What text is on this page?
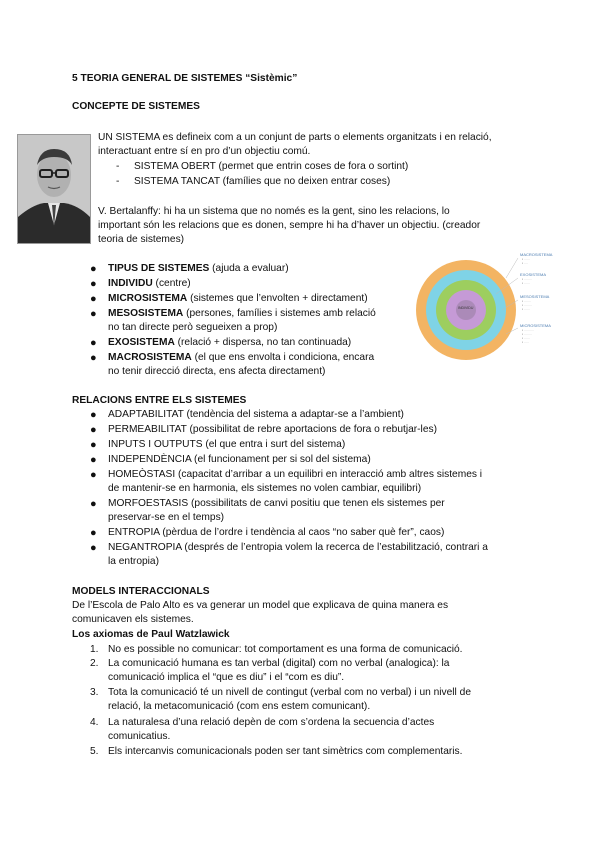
5 TEORIA GENERAL DE SISTEMES “Sistèmic”
CONCEPTE DE SISTEMES
UN SISTEMA es defineix com a un conjunt de parts o elements organitzats i en relació,
interactuant entre sí en pro d’un objectiu comú.
- SISTEMA OBERT (permet que entrin coses de fora o sortint)
- SISTEMA TANCAT (famílies que no deixen entrar coses)
V. Bertalanffy: hi ha un sistema que no només es la gent, sino les relacions, lo
important són les relacions que es donen, sempre hi ha d’haver un objectiu. (creador
teoria de sistemes)
● TIPUS DE SISTEMES (ajuda a evaluar)
● INDIVIDU (centre)
● MICROSISTEMA (sistemes que l’envolten + directament)
● MESOSISTEMA (persones, famílies i sistemes amb relació
no tan directe però segueixen a prop)
● EXOSISTEMA (relació + dispersa, no tan continuada)
● MACROSISTEMA (el que ens envolta i condiciona, encara
no tenir direcció directa, ens afecta directament)
INDIVIDU
MACROSISTEMA
▪ ······
▪ ····
EXOSISTEMA
▪ ········
▪ ······
MESOSISTEMA
▪ ·······
▪ ········
▪ ······
MICROSISTEMA
▪ ··········
▪ ········
▪ ······
▪ ·····
RELACIONS ENTRE ELS SISTEMES
● ADAPTABILITAT (tendència del sistema a adaptar-se a l’ambient)
● PERMEABILITAT (possibilitat de rebre aportacions de fora o rebutjar-les)
● INPUTS I OUTPUTS (el que entra i surt del sistema)
● INDEPENDÈNCIA (el funcionament per si sol del sistema)
● HOMEÒSTASI (capacitat d’arribar a un equilibri en interacció amb altres sistemes i
de mantenir-se en harmonia, els sistemes no volen cambiar, equilibri)
● MORFOESTASIS (possibilitats de canvi positiu que tenen els sistemes per
preservar-se en el temps)
● ENTROPIA (pèrdua de l’ordre i tendència al caos “no saber què fer”, caos)
● NEGANTROPIA (després de l’entropia volem la recerca de l’estabilització, contrari a
la entropia)
MODELS INTERACCIONALS
De l’Escola de Palo Alto es va generar un model que explicava de quina manera es
comunicaven els sistemes.
Los axiomas de Paul Watzlawick
1. No es possible no comunicar: tot comportament es una forma de comunicació.
2. La comunicació humana es tan verbal (digital) com no verbal (analogica): la
comunicació implica el “que es diu” i el “com es diu”.
3. Tota la comunicació té un nivell de contingut (verbal com no verbal) i un nivell de
relació, la metacomunicació (com ens estem comunicant).
4. La naturalesa d’una relació depèn de com s’ordena la secuencia d’actes
comunicatius.
5. Els intercanvis comunicacionals poden ser tant simètrics com complementaris.
